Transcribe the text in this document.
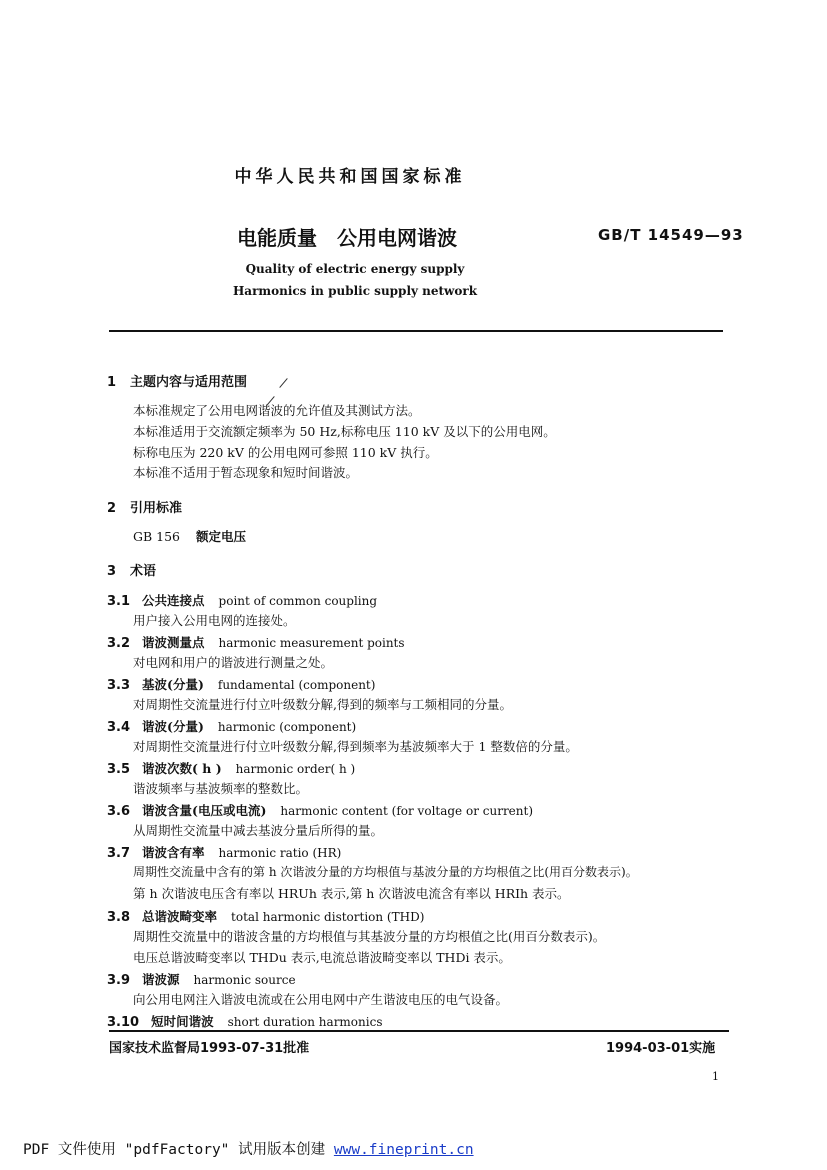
中华人民共和国国家标准
电能质量　公用电网谐波	GB/T 14549—93
Quality of electric energy supply
Harmonics in public supply network
1 主题内容与适用范围
本标准规定了公用电网谐波的允许值及其测试方法。
本标准适用于交流额定频率为 50 Hz,标称电压 110 kV 及以下的公用电网。
标称电压为 220 kV 的公用电网可参照 110 kV 执行。
本标准不适用于暂态现象和短时间谐波。
2 引用标准
GB 156 额定电压
3 术语
3.1 公共连接点 point of common coupling
用户接入公用电网的连接处。
3.2 谐波测量点 harmonic measurement points
对电网和用户的谐波进行测量之处。
3.3 基波(分量) fundamental (component)
对周期性交流量进行付立叶级数分解,得到的频率与工频相同的分量。
3.4 谐波(分量) harmonic (component)
对周期性交流量进行付立叶级数分解,得到频率为基波频率大于 1 整数倍的分量。
3.5 谐波次数( h ) harmonic order( h )
谐波频率与基波频率的整数比。
3.6 谐波含量(电压或电流) harmonic content (for voltage or current)
从周期性交流量中减去基波分量后所得的量。
3.7 谐波含有率 harmonic ratio (HR)
周期性交流量中含有的第 h 次谐波分量的方均根值与基波分量的方均根值之比(用百分数表示)。
第 h 次谐波电压含有率以 HRUh 表示,第 h 次谐波电流含有率以 HRIh 表示。
3.8 总谐波畸变率 total harmonic distortion (THD)
周期性交流量中的谐波含量的方均根值与其基波分量的方均根值之比(用百分数表示)。
电压总谐波畸变率以 THDu 表示,电流总谐波畸变率以 THDi 表示。
3.9 谐波源 harmonic source
向公用电网注入谐波电流或在公用电网中产生谐波电压的电气设备。
3.10 短时间谐波 short duration harmonics
国家技术监督局1993-07-31批准	1994-03-01实施
1
PDF 文件使用 "pdfFactory" 试用版本创建 www.fineprint.cn
